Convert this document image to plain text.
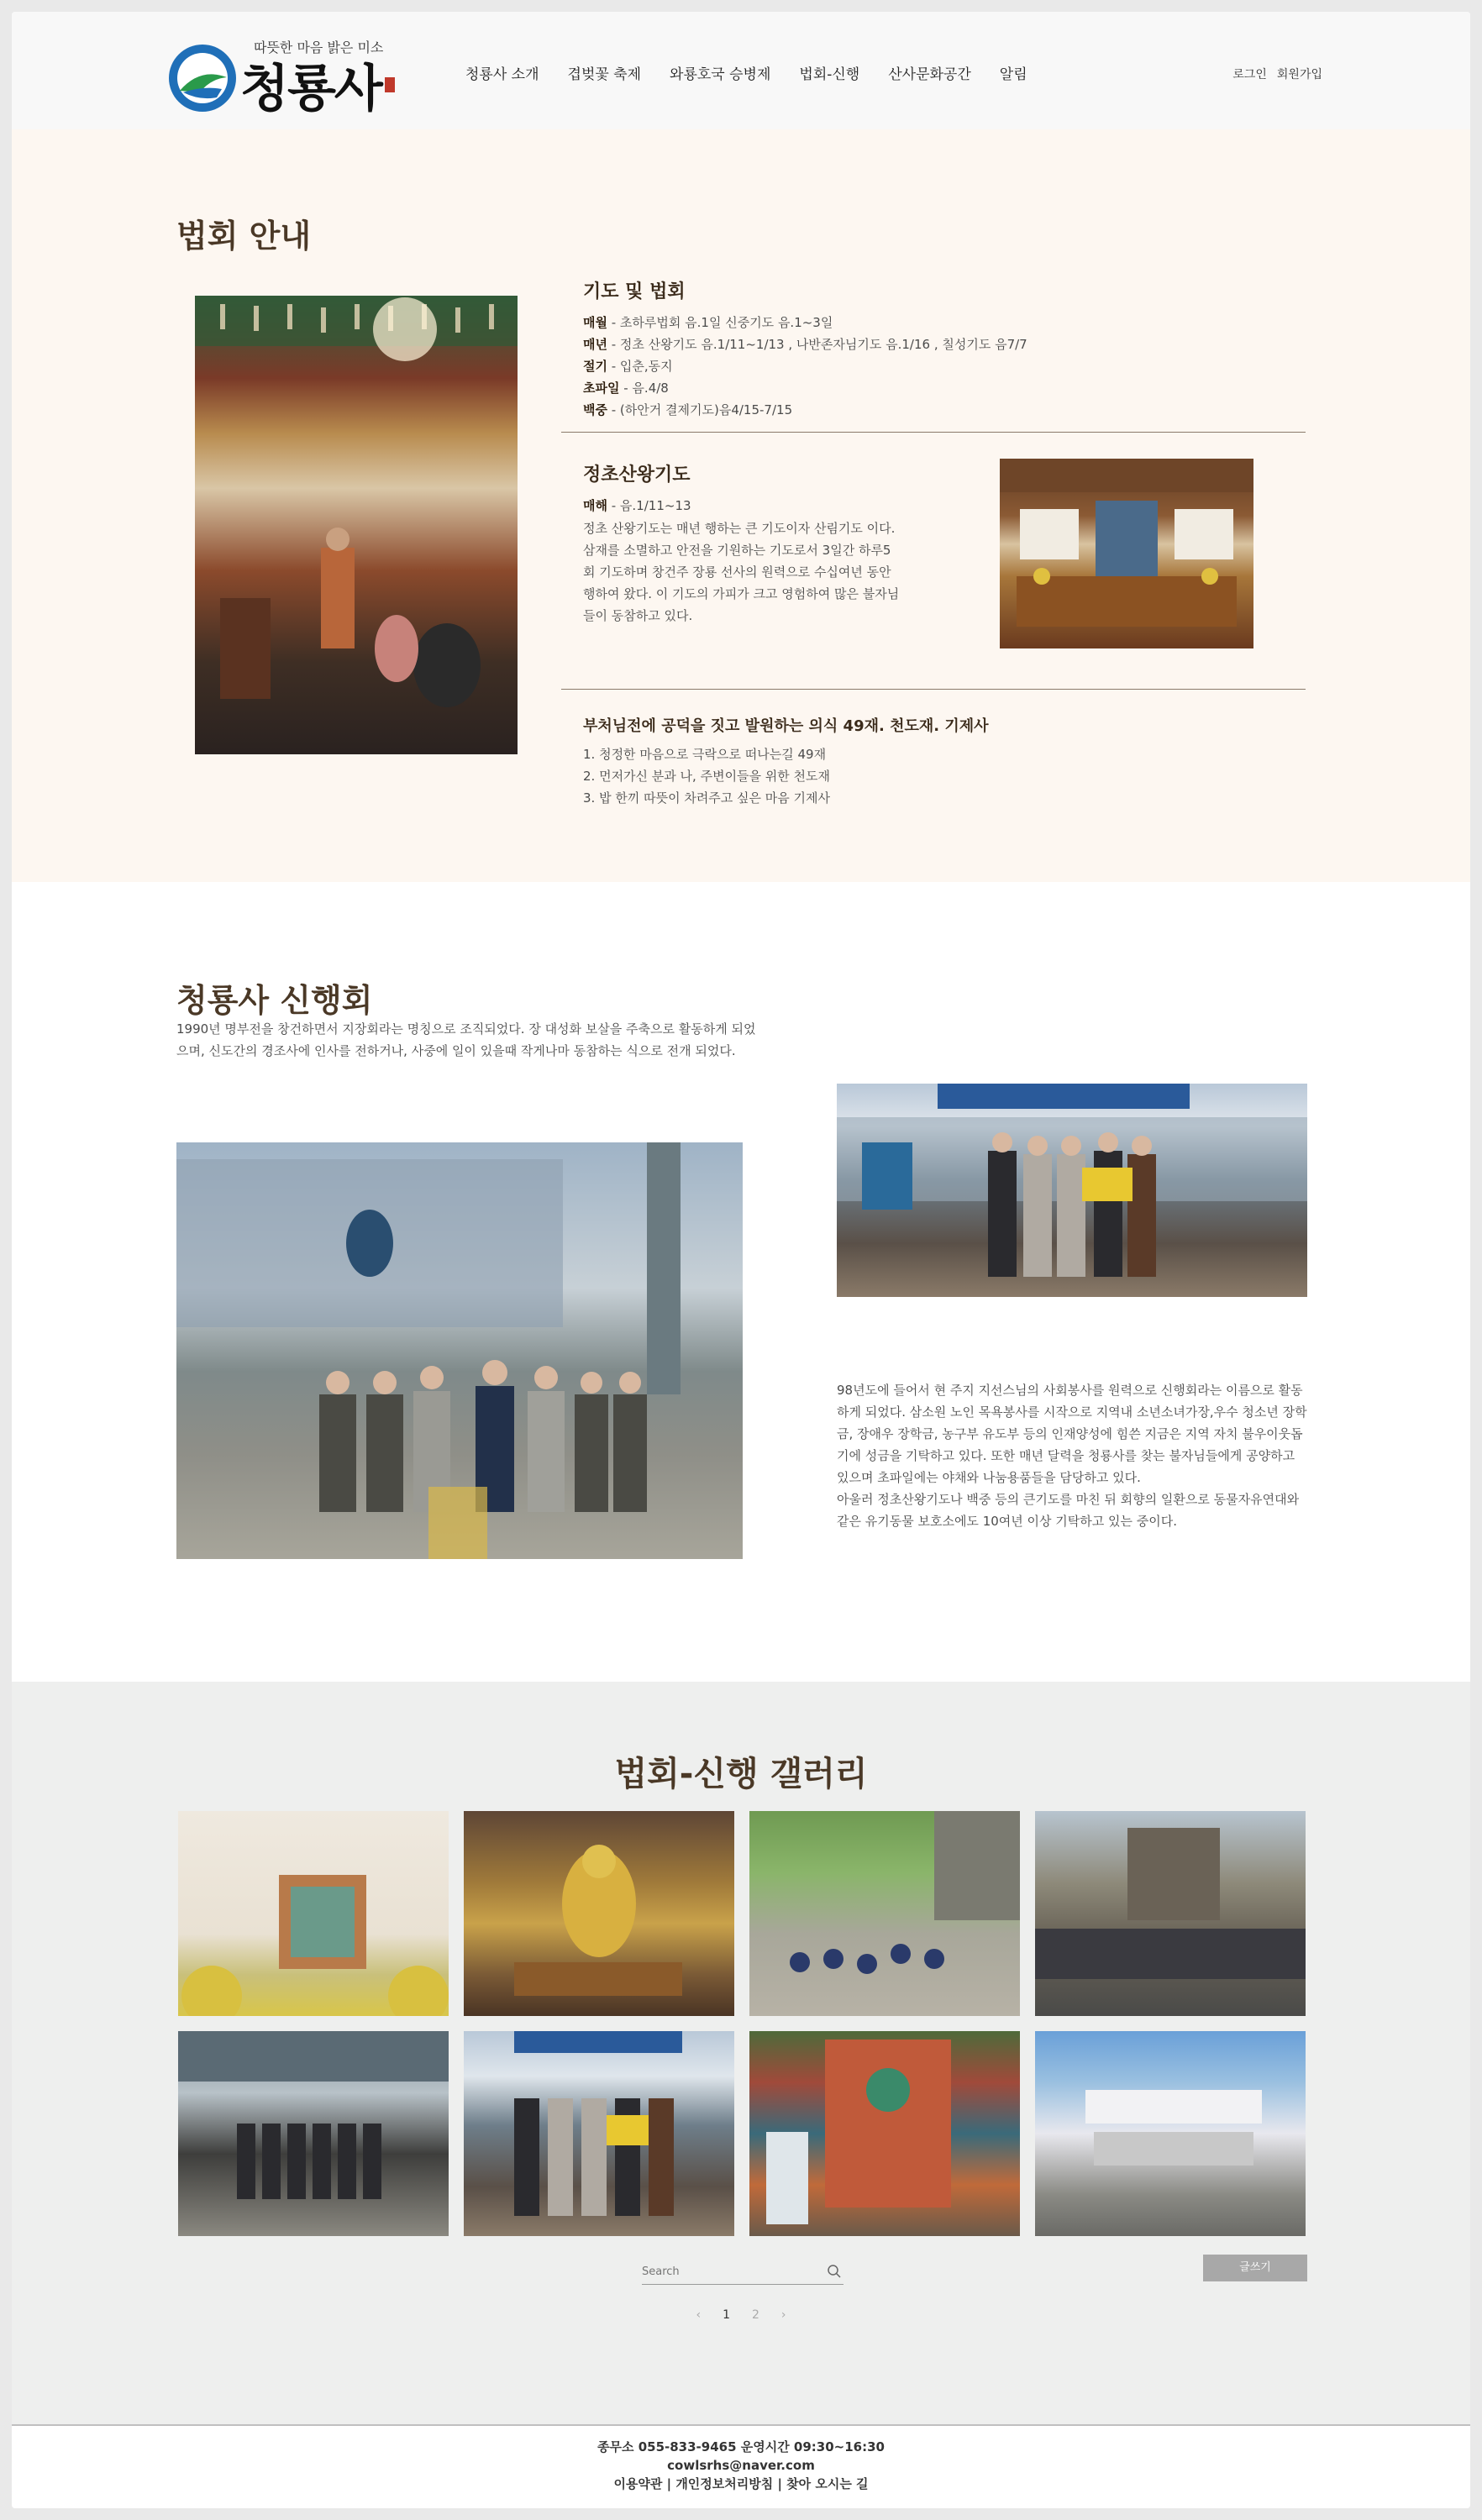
따뜻한 마음 밝은 미소
청룡사	청룡사 소개 겹벚꽃 축제 와룡호국 승병제 법회-신행 산사문화공간 알림	로그인 회원가입
법회 안내
기도 및 법회
매월 - 초하루법회 음.1일 신중기도 음.1~3일
매년 - 정초 산왕기도 음.1/11~1/13 , 나반존자님기도 음.1/16 , 칠성기도 음7/7
절기 - 입춘,동지
초파일 - 음.4/8
백중 - (하안거 결제기도)음4/15-7/15
정초산왕기도
매해 - 음.1/11~13
정초 산왕기도는 매년 행하는 큰 기도이자 산림기도 이다. 삼재를 소멸하고 안전을 기원하는 기도로서 3일간 하루5회 기도하며 창건주 장룡 선사의 원력으로 수십여년 동안 행하여 왔다. 이 기도의 가피가 크고 영험하여 많은 불자님들이 동참하고 있다.
부처님전에 공덕을 짓고 발원하는 의식 49재. 천도재. 기제사
1. 청정한 마음으로 극락으로 떠나는길 49재
2. 먼저가신 분과 나, 주변이들을 위한 천도재
3. 밥 한끼 따뜻이 차려주고 싶은 마음 기제사
청룡사 신행회
1990년 명부전을 창건하면서 지장회라는 명칭으로 조직되었다. 장 대성화 보살을 주축으로 활동하게 되었으며, 신도간의 경조사에 인사를 전하거나, 사중에 일이 있을때 작게나마 동참하는 식으로 전개 되었다.
98년도에 들어서 현 주지 지선스님의 사회봉사를 원력으로 신행회라는 이름으로 활동하게 되었다. 삼소원 노인 목욕봉사를 시작으로 지역내 소년소녀가장,우수 청소년 장학금, 장애우 장학금, 농구부 유도부 등의 인재양성에 힘쓴 지금은 지역 자치 불우이웃돕기에 성금을 기탁하고 있다. 또한 매년 달력을 청룡사를 찾는 불자님들에게 공양하고 있으며 초파일에는 야채와 나눔용품들을 담당하고 있다.
아울러 정초산왕기도나 백중 등의 큰기도를 마친 뒤 회향의 일환으로 동물자유연대와 같은 유기동물 보호소에도 10여년 이상 기탁하고 있는 중이다.
법회-신행 갤러리
Search
글쓰기
‹ 1 2 ›
종무소 055-833-9465 운영시간 09:30~16:30
cowlsrhs@naver.com
이용약관 | 개인정보처리방침 | 찾아 오시는 길
